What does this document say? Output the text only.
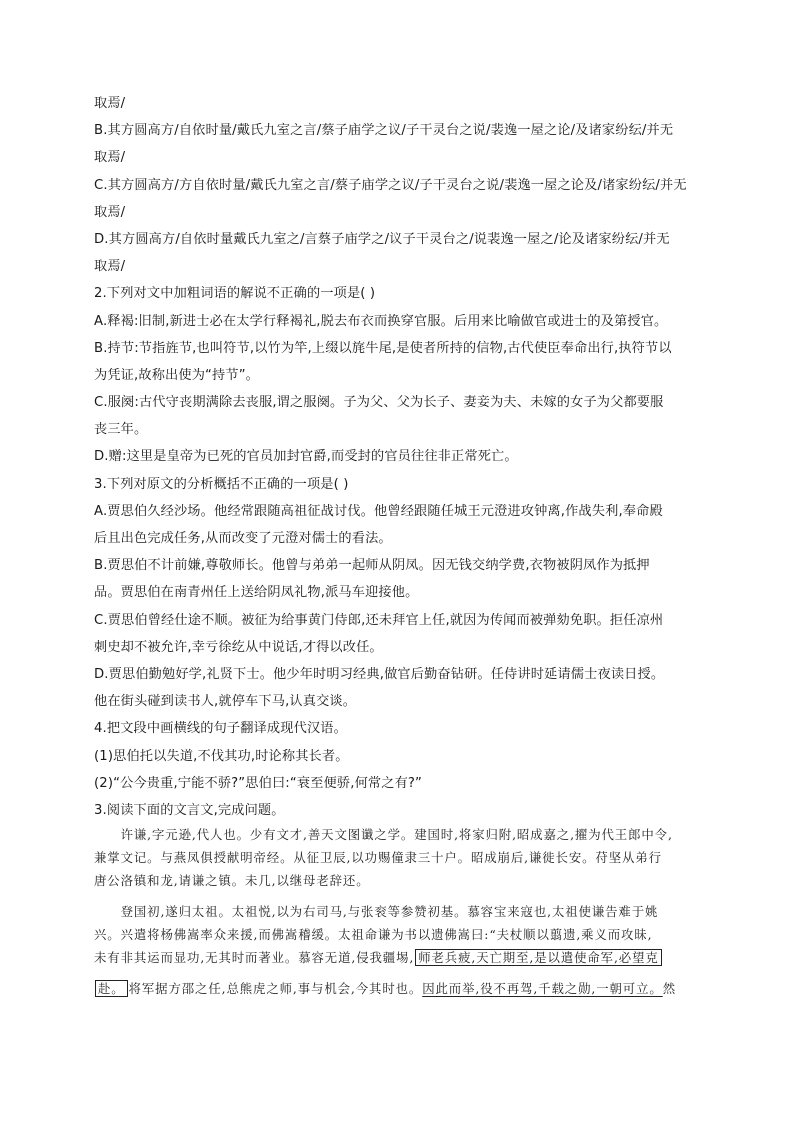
取焉/
B.其方圆高方/自依时量/戴氏九室之言/蔡子庙学之议/子干灵台之说/裴逸一屋之论/及诸家纷纭/并无
取焉/
C.其方圆高方/方自依时量/戴氏九室之言/蔡子庙学之议/子干灵台之说/裴逸一屋之论及/诸家纷纭/并无
取焉/
D.其方圆高方/自依时量戴氏九室之/言蔡子庙学之/议子干灵台之/说裴逸一屋之/论及诸家纷纭/并无
取焉/
2.下列对文中加粗词语的解说不正确的一项是( )
A.释褐:旧制,新进士必在太学行释褐礼,脱去布衣而换穿官服。后用来比喻做官或进士的及第授官。
B.持节:节指旌节,也叫符节,以竹为竿,上缀以旄牛尾,是使者所持的信物,古代使臣奉命出行,执符节以
为凭证,故称出使为“持节”。
C.服阕:古代守丧期满除去丧服,谓之服阕。子为父、父为长子、妻妾为夫、未嫁的女子为父都要服
丧三年。
D.赠:这里是皇帝为已死的官员加封官爵,而受封的官员往往非正常死亡。
3.下列对原文的分析概括不正确的一项是( )
A.贾思伯久经沙场。他经常跟随高祖征战讨伐。他曾经跟随任城王元澄进攻钟离,作战失利,奉命殿
后且出色完成任务,从而改变了元澄对儒士的看法。
B.贾思伯不计前嫌,尊敬师长。他曾与弟弟一起师从阴凤。因无钱交纳学费,衣物被阴凤作为抵押
品。贾思伯在南青州任上送给阴凤礼物,派马车迎接他。
C.贾思伯曾经仕途不顺。被征为给事黄门侍郎,还未拜官上任,就因为传闻而被弹劾免职。拒任凉州
刺史却不被允许,幸亏徐纥从中说话,才得以改任。
D.贾思伯勤勉好学,礼贤下士。他少年时明习经典,做官后勤奋钻研。任侍讲时延请儒士夜读日授。
他在街头碰到读书人,就停车下马,认真交谈。
4.把文段中画横线的句子翻译成现代汉语。
(1)思伯托以失道,不伐其功,时论称其长者。
(2)“公今贵重,宁能不骄?”思伯曰:“衰至便骄,何常之有?”
3.阅读下面的文言文,完成问题。
　　许谦,字元逊,代人也。少有文才,善天文图谶之学。建国时,将家归附,昭成嘉之,擢为代王郎中令,
兼掌文记。与燕凤俱授献明帝经。从征卫辰,以功赐僮隶三十户。昭成崩后,谦徙长安。苻坚从弟行
唐公洛镇和龙,请谦之镇。未几,以继母老辞还。
　　登国初,遂归太祖。太祖悦,以为右司马,与张衮等参赞初基。慕容宝来寇也,太祖使谦告难于姚
兴。兴遣将杨佛嵩率众来援,而佛嵩稽缓。太祖命谦为书以遗佛嵩曰:“夫杖顺以翦遗,乘义而攻昧,
未有非其运而显功,无其时而著业。慕容无道,侵我疆埸, 师老兵疲,天亡期至,是以遣使命军,必望克
赴。 将军据方邵之任,总熊虎之师,事与机会,今其时也。因此而举,役不再驾,千载之勋,一朝可立。然
